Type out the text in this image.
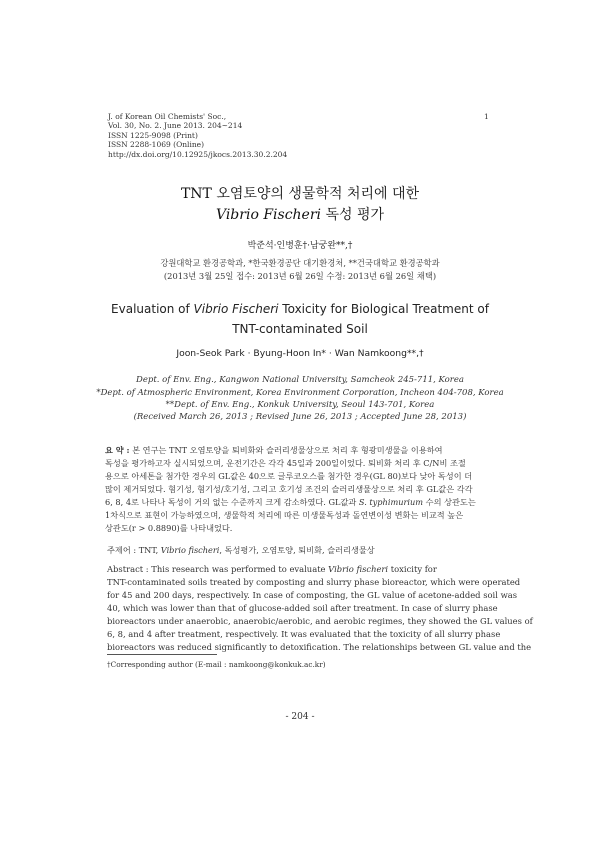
J. of Korean Oil Chemists' Soc.,
Vol. 30, No. 2. June 2013. 204~214
ISSN 1225-9098 (Print)
ISSN 2288-1069 (Online)
http://dx.doi.org/10.12925/jkocs.2013.30.2.204
1
TNT 오염토양의 생물학적 처리에 대한
Vibrio Fischeri 독성 평가
박준석·인병훈†·남궁완**,†
강원대학교 환경공학과, *한국환경공단 대기환경처, **건국대학교 환경공학과
(2013년 3월 25일 접수: 2013년 6월 26일 수정: 2013년 6월 26일 채택)
Evaluation of Vibrio Fischeri Toxicity for Biological Treatment of
TNT-contaminated Soil
Joon-Seok Park · Byung-Hoon In* · Wan Namkoong**,†
Dept. of Env. Eng., Kangwon National University, Samcheok 245-711, Korea
*Dept. of Atmospheric Environment, Korea Environment Corporation, Incheon 404-708, Korea
**Dept. of Env. Eng., Konkuk University, Seoul 143-701, Korea
(Received March 26, 2013 ; Revised June 26, 2013 ; Accepted June 28, 2013)
요 약 : 본 연구는 TNT 오염토양을 퇴비화와 슬러리생물상으로 처리 후 형광미생물을 이용하여
독성을 평가하고자 실시되었으며, 운전기간은 각각 45일과 200일이었다. 퇴비화 처리 후 C/N비 조절
용으로 아세톤을 첨가한 경우의 GL값은 40으로 글루코오스를 첨가한 경우(GL 80)보다 낮아 독성이 더
많이 제거되었다. 혐기성, 혐기성/호기성, 그리고 호기성 조건의 슬러리생물상으로 처리 후 GL값은 각각
6, 8, 4로 나타나 독성이 거의 없는 수준까지 크게 감소하였다. GL값과 S. typhimurium 수의 상관도는
1차식으로 표현이 가능하였으며, 생물학적 처리에 따른 미생물독성과 돌연변이성 변화는 비교적 높은
상관도(r > 0.8890)를 나타내었다.
주제어 : TNT, Vibrio fischeri, 독성평가, 오염토양, 퇴비화, 슬러리생물상
Abstract : This research was performed to evaluate Vibrio fischeri toxicity for
TNT-contaminated soils treated by composting and slurry phase bioreactor, which were operated
for 45 and 200 days, respectively. In case of composting, the GL value of acetone-added soil was
40, which was lower than that of glucose-added soil after treatment. In case of slurry phase
bioreactors under anaerobic, anaerobic/aerobic, and aerobic regimes, they showed the GL values of
6, 8, and 4 after treatment, respectively. It was evaluated that the toxicity of all slurry phase
bioreactors was reduced significantly to detoxification. The relationships between GL value and the
†Corresponding author (E-mail : namkoong@konkuk.ac.kr)
- 204 -
